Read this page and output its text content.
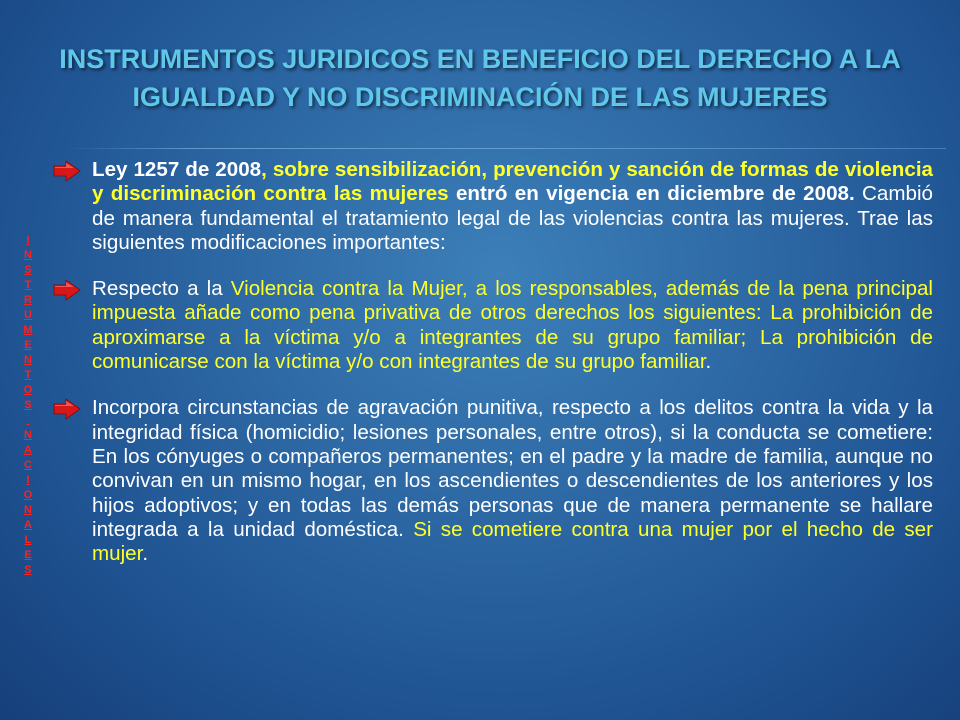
INSTRUMENTOS JURIDICOS EN BENEFICIO DEL DERECHO A LA
IGUALDAD Y NO DISCRIMINACIÓN DE LAS MUJERES
I
N
S
T
R
U
M
E
N
T
O
S

N
A
C
I
O
N
A
L
E
S

Ley 1257 de 2008, sobre sensibilización, prevención y sanción de formas de violencia y discriminación contra las mujeres entró en vigencia en diciembre de 2008. Cambió de manera fundamental el tratamiento legal de las violencias contra las mujeres. Trae las siguientes modificaciones importantes:

Respecto a la Violencia contra la Mujer, a los responsables, además de la pena principal impuesta añade como pena privativa de otros derechos los siguientes: La prohibición de aproximarse a la víctima y/o a integrantes de su grupo familiar; La prohibición de comunicarse con la víctima y/o con integrantes de su grupo familiar.

Incorpora circunstancias de agravación punitiva, respecto a los delitos contra la vida y la integridad física (homicidio; lesiones personales, entre otros), si la conducta se cometiere: En los cónyuges o compañeros permanentes; en el padre y la madre de familia, aunque no convivan en un mismo hogar, en los ascendientes o descendientes de los anteriores y los hijos adoptivos; y en todas las demás personas que de manera permanente se hallare integrada a la unidad doméstica. Si se cometiere contra una mujer por el hecho de ser mujer.
